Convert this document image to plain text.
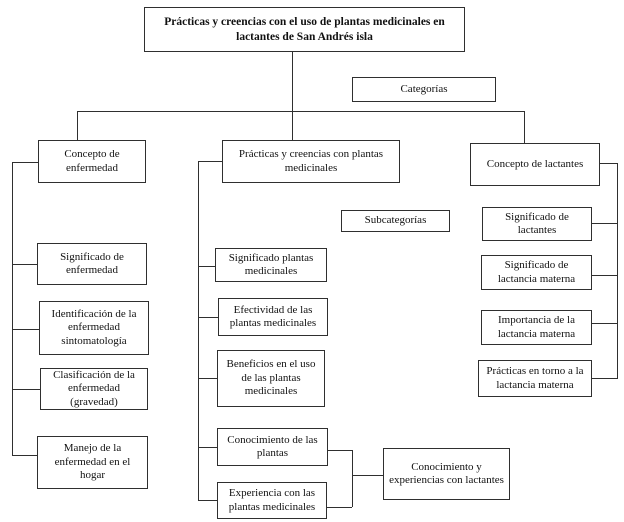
Prácticas y creencias con el uso de plantas medicinales en lactantes de San Andrés isla
Categorías
Subcategorías
Concepto de enfermedad
Prácticas y creencias con plantas medicinales	Concepto de lactantes
Significado de enfermedad
Identificación de la enfermedad sintomatología
Clasificación de la enfermedad (gravedad)
Manejo de la enfermedad en el hogar
Significado plantas medicinales
Efectividad de las plantas medicinales
Beneficios en el uso de las plantas medicinales
Conocimiento de las plantas
Experiencia con las plantas medicinales
Significado de lactantes
Significado de lactancia materna
Importancia de la lactancia materna
Prácticas en torno a la lactancia materna
Conocimiento y experiencias con lactantes
